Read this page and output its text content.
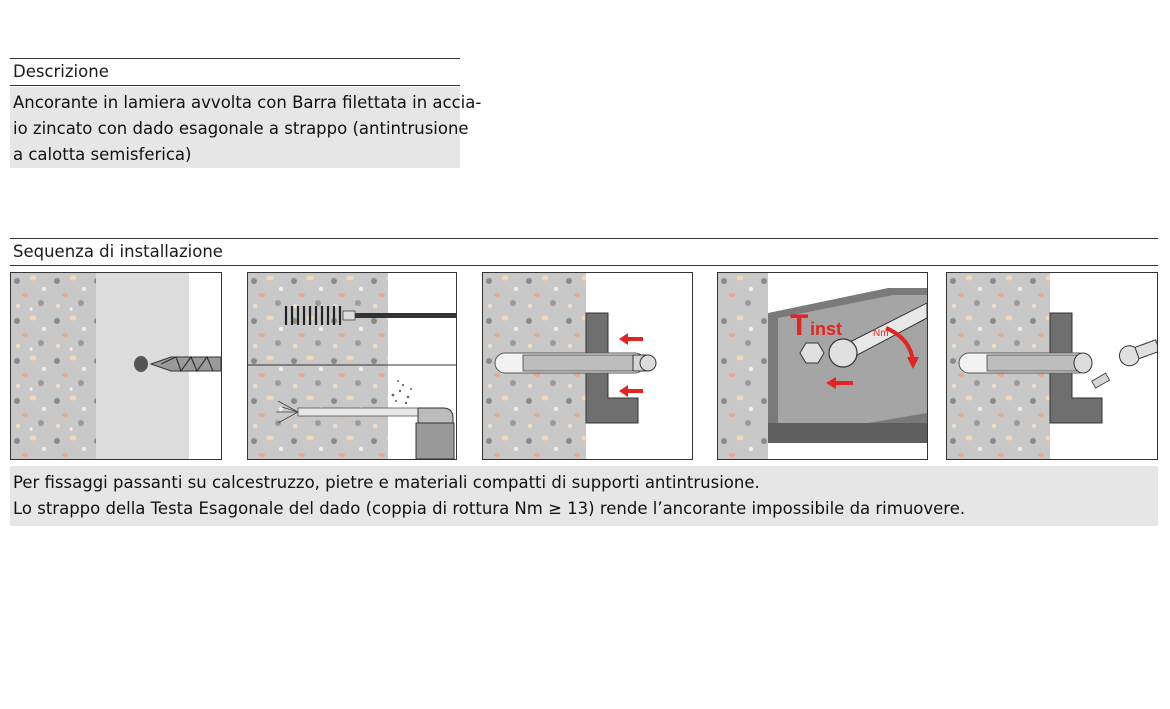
Descrizione
Ancorante in lamiera avvolta con Barra filettata in accia-
io zincato con dado esagonale a strappo (antintrusione
a calotta semisferica)
Sequenza di installazione
T inst	Nm
Per fissaggi passanti su calcestruzzo, pietre e materiali compatti di supporti antintrusione.
Lo strappo della Testa Esagonale del dado (coppia di rottura Nm ≥ 13) rende l’ancorante impossibile da rimuovere.
